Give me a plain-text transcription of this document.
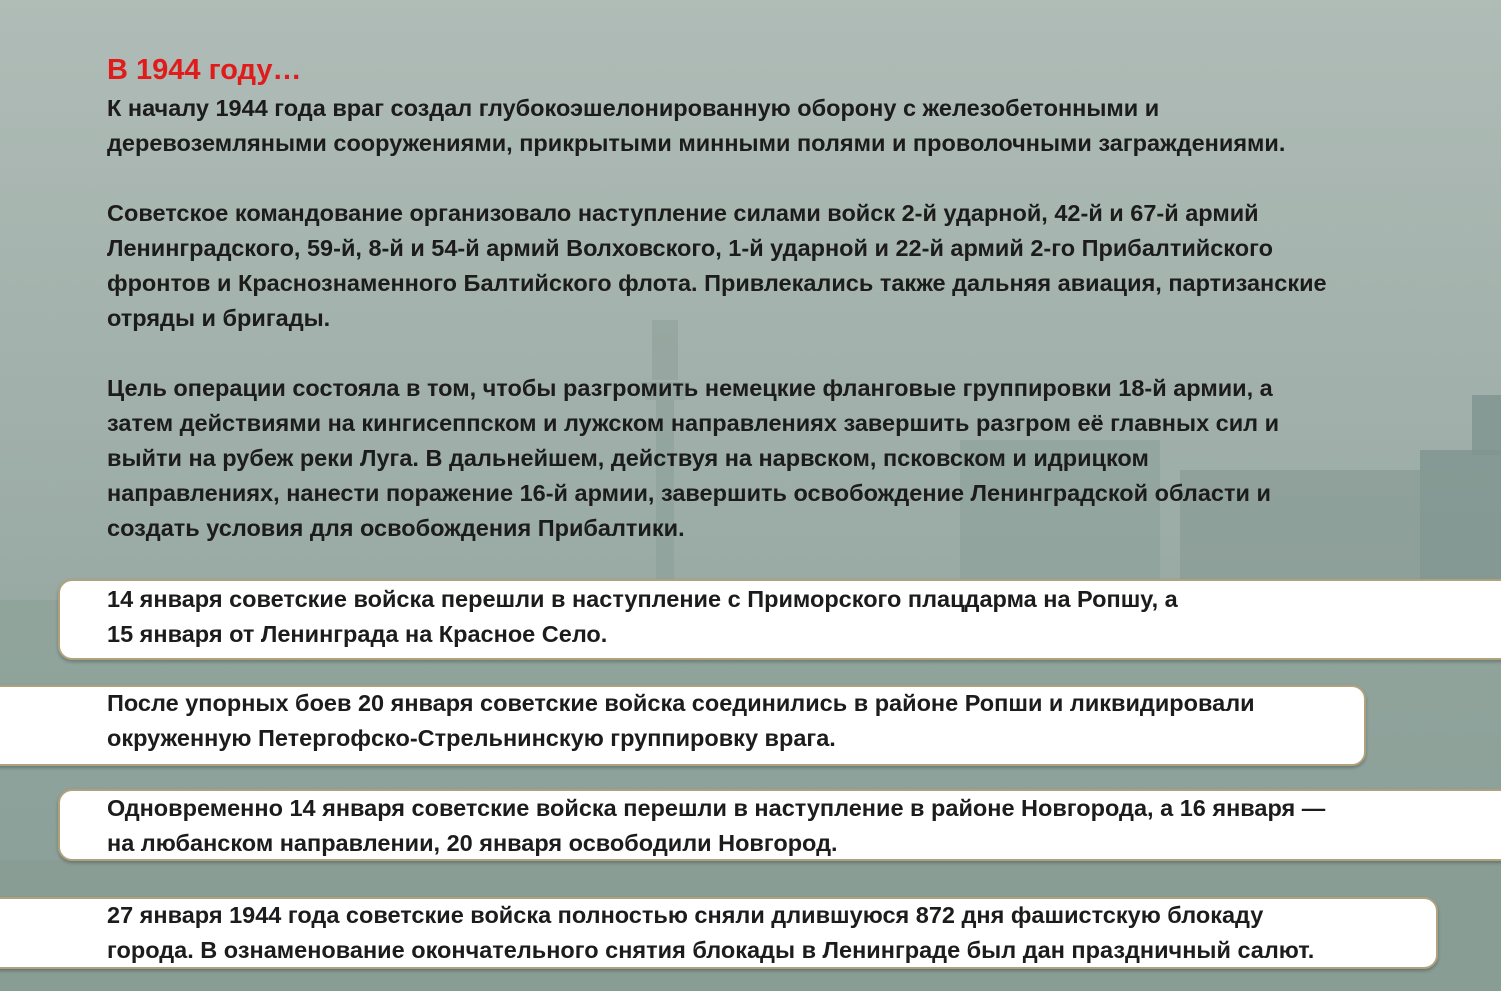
В 1944 году…
К началу 1944 года враг создал глубокоэшелонированную оборону с железобетонными и
деревоземляными сооружениями, прикрытыми минными полями и проволочными заграждениями.
Советское командование организовало наступление силами войск 2-й ударной, 42-й и 67-й армий
Ленинградского, 59-й, 8-й и 54-й армий Волховского, 1-й ударной и 22-й армий 2-го Прибалтийского
фронтов и Краснознаменного Балтийского флота. Привлекались также дальняя авиация, партизанские
отряды и бригады.
Цель операции состояла в том, чтобы разгромить немецкие фланговые группировки 18-й армии, а
затем действиями на кингисеппском и лужском направлениях завершить разгром её главных сил и
выйти на рубеж реки Луга. В дальнейшем, действуя на нарвском, псковском и идрицком
направлениях, нанести поражение 16-й армии, завершить освобождение Ленинградской области и
создать условия для освобождения Прибалтики.
14 января советские войска перешли в наступление с Приморского плацдарма на Ропшу, а
15 января от Ленинграда на Красное Село.
После упорных боев 20 января советские войска соединились в районе Ропши и ликвидировали
окруженную Петергофско-Стрельнинскую группировку врага.
Одновременно 14 января советские войска перешли в наступление в районе Новгорода, а 16 января —
на любанском направлении, 20 января освободили Новгород.
27 января 1944 года советские войска полностью сняли длившуюся 872 дня фашистскую блокаду
города. В ознаменование окончательного снятия блокады в Ленинграде был дан праздничный салют.
